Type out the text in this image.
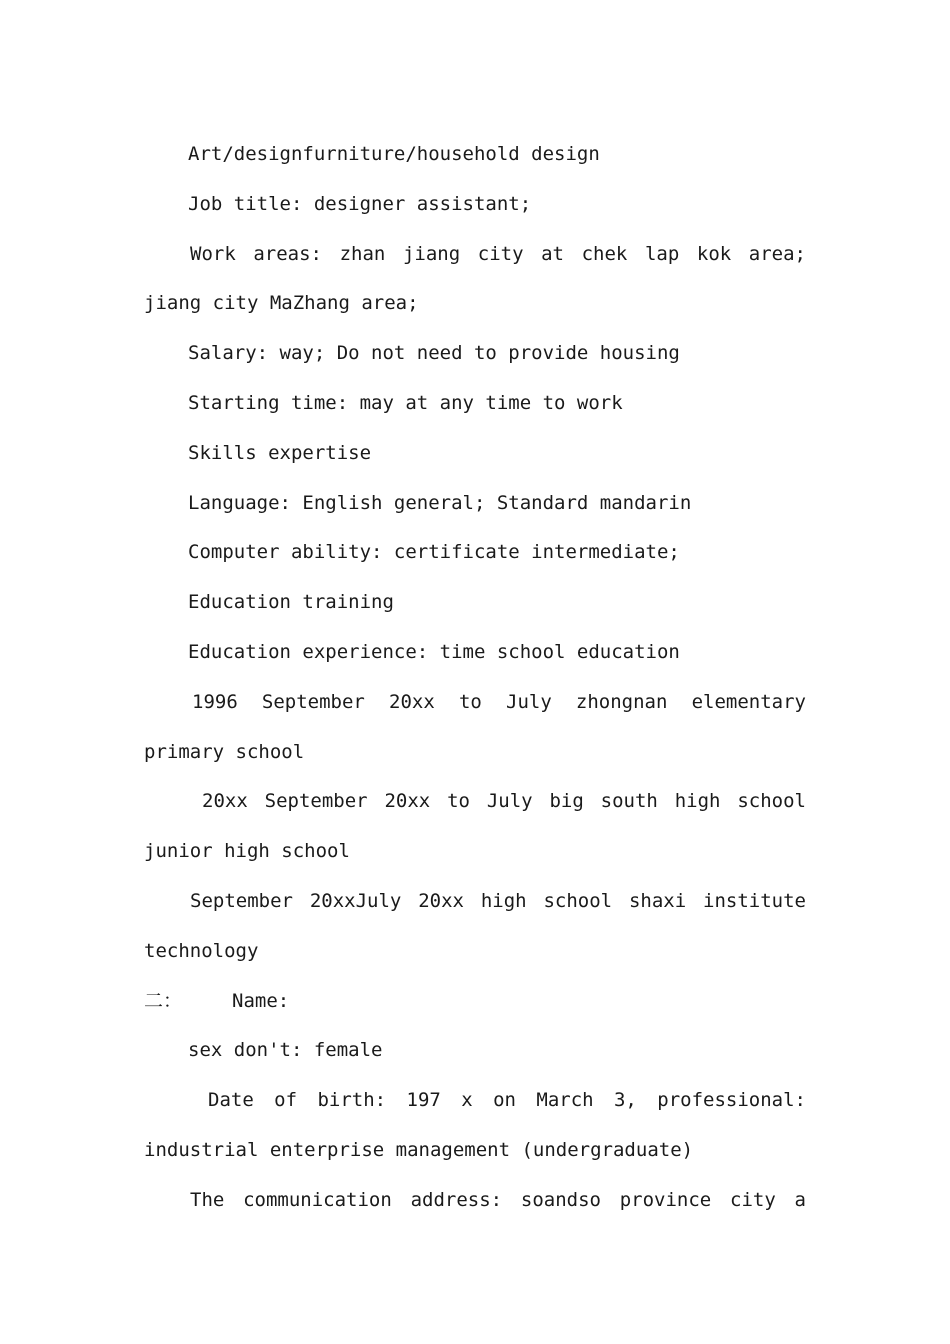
Art/designfurniture/household design
Job title: designer assistant;
Work areas: zhan jiang city at chek lap kok area;
jiang city MaZhang area;
Salary: way; Do not need to provide housing
Starting time: may at any time to work
Skills expertise
Language: English general; Standard mandarin
Computer ability: certificate intermediate;
Education training
Education experience: time school education
1996 September 20xx to July zhongnan elementary
primary school
20xx September 20xx to July big south high school
junior high school
September 20xxJuly 20xx high school shaxi institute
technology
二：	Name:
sex don't: female
Date of birth: 197 x on March 3, professional:
industrial enterprise management (undergraduate)
The communication address: soandso province city a
